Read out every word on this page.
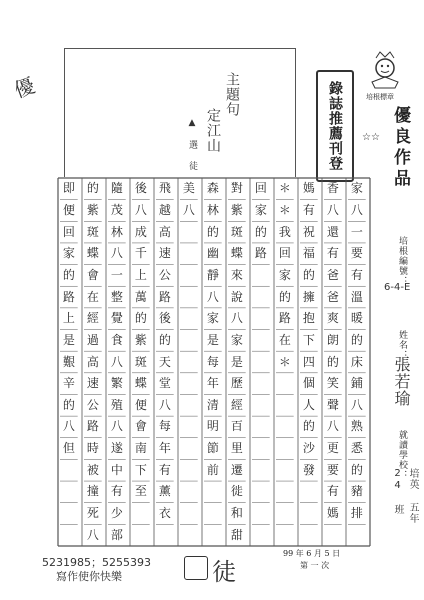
優	主題句
定江山
▲ 選 徒	錄誌推薦刊登	培根標章
優良作品
☆☆
培根編號：
6-4-E
姓名：
張若瑜
就讀學校：
培英 五年 24 班
家
八
一
要
有
溫
暖
的
床
鋪
八
熟
悉
的
豬
排
香
八
還
有
爸
爸
爽
朗
的
笑
聲
八
更
要
有
媽
媽
有
祝
福
的
擁
抱
下
四
個
人
的
沙
發
＊
＊
我
回
家
的
路
在
＊
回
家
的
路
對
紫
斑
蝶
來
說
八
家
是
歷
經
百
里
遷
徙
和
甜
森
林
的
幽
靜
八
家
是
每
年
清
明
節
前
美
八
飛
越
高
速
公
路
後
的
天
堂
八
每
年
有
薰
衣
後
八
成
千
上
萬
的
紫
斑
蝶
便
會
南
下
至
隨
茂
林
八
一
整
覺
食
八
繁
殖
八
遂
中
有
少
部
的
紫
斑
蝶
會
在
經
過
高
速
公
路
時
被
撞
死
八
即
便
回
家
的
路
上
是
艱
辛
的
八
但
5231985；5255393
寫作使你快樂	徒
99 年 6 月 5 日
第 一 次
